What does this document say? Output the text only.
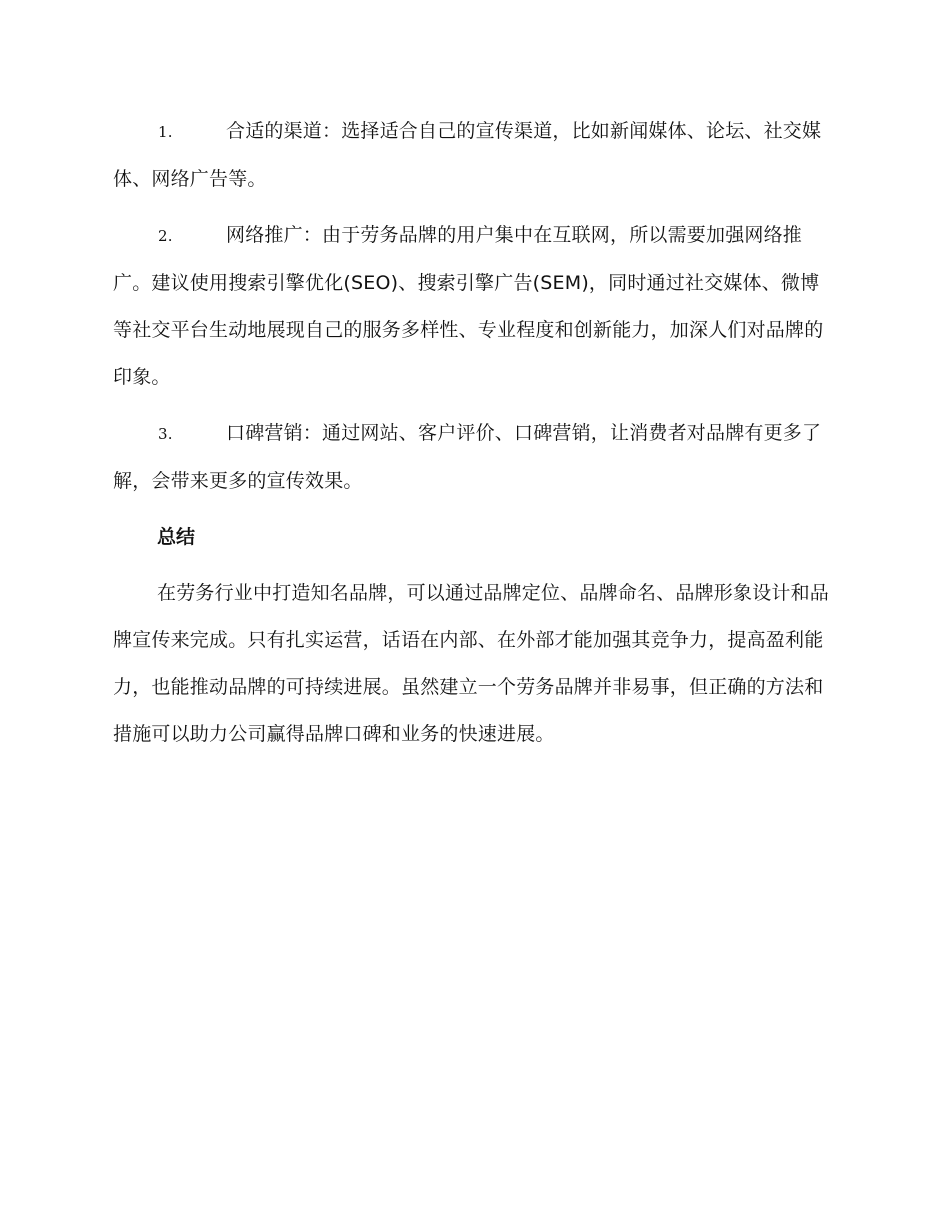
1.	合适的渠道：选择适合自己的宣传渠道，比如新闻媒体、论坛、社交媒体、网络广告等。
2.	网络推广：由于劳务品牌的用户集中在互联网，所以需要加强网络推广。建议使用搜索引擎优化(SEO)、搜索引擎广告(SEM)，同时通过社交媒体、微博等社交平台生动地展现自己的服务多样性、专业程度和创新能力，加深人们对品牌的印象。
3.	口碑营销：通过网站、客户评价、口碑营销，让消费者对品牌有更多了解，会带来更多的宣传效果。
总结

在劳务行业中打造知名品牌，可以通过品牌定位、品牌命名、品牌形象设计和品牌宣传来完成。只有扎实运营，话语在内部、在外部才能加强其竞争力，提高盈利能力，也能推动品牌的可持续进展。虽然建立一个劳务品牌并非易事，但正确的方法和措施可以助力公司赢得品牌口碑和业务的快速进展。
